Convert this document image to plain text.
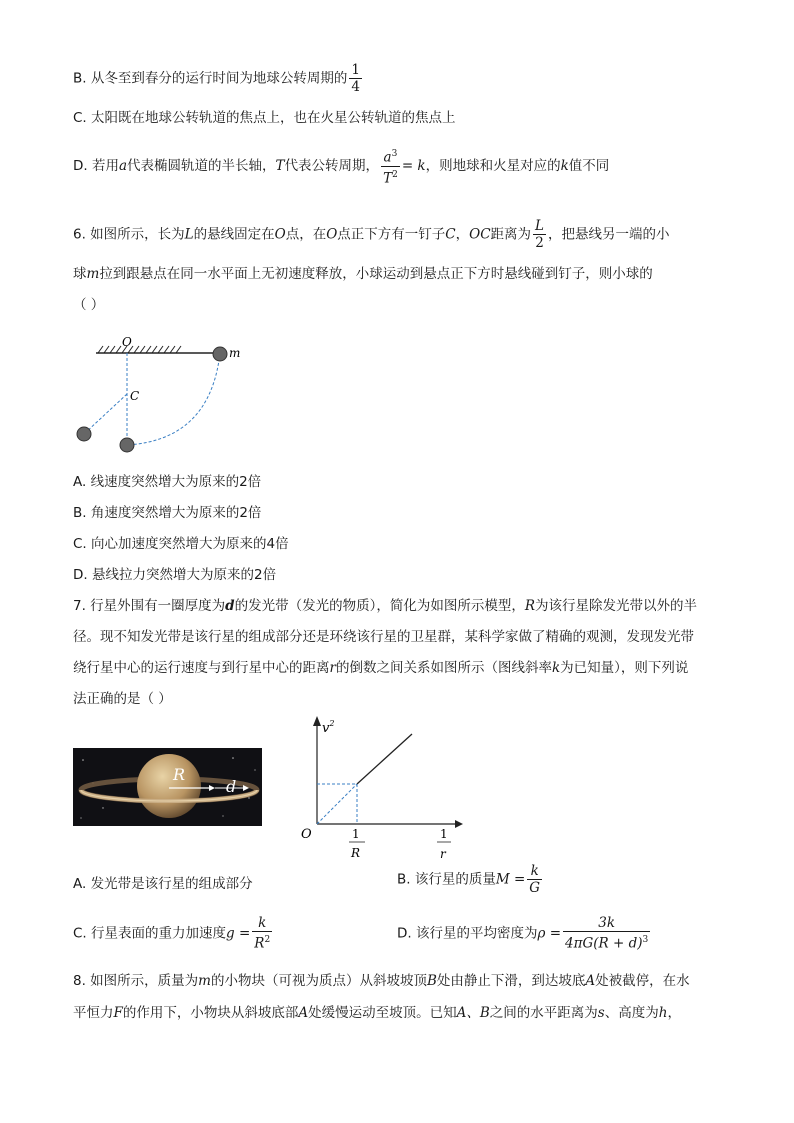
B. 从冬至到春分的运行时间为地球公转周期的 $\frac{1}{4}$
C. 太阳既在地球公转轨道的焦点上，也在火星公转轨道的焦点上
D. 若用a代表椭圆轨道的半长轴，T代表公转周期， $\frac{a^3}{T^2} = k$，则地球和火星对应的k值不同
6. 如图所示，长为L的悬线固定在O点，在O点正下方有一钉子C，OC距离为 $\frac{L}{2}$ ，把悬线另一端的小
球m拉到跟悬点在同一水平面上无初速度释放，小球运动到悬点正下方时悬线碰到钉子，则小球的
（ ）
O
C
m
A. 线速度突然增大为原来的2倍
B. 角速度突然增大为原来的2倍
C. 向心加速度突然增大为原来的4倍
D. 悬线拉力突然增大为原来的2倍
7. 行星外围有一圈厚度为d的发光带（发光的物质），简化为如图所示模型，R为该行星除发光带以外的半
径。现不知发光带是该行星的组成部分还是环绕该行星的卫星群，某科学家做了精确的观测，发现发光带
绕行星中心的运行速度与到行星中心的距离r的倒数之间关系如图所示（图线斜率k为已知量），则下列说
法正确的是（ ）
R
d
$v^2$
O	1
R
1
r
A. 发光带是该行星的组成部分	B. 该行星的质量$M = \frac{k}{G}$
C. 行星表面的重力加速度$g = \frac{k}{R^2}$	D. 该行星的平均密度为$\rho = \frac{3k}{4\pi G(R + d)^3}$
8. 如图所示，质量为m的小物块（可视为质点）从斜坡坡顶B处由静止下滑，到达坡底A处被截停，在水
平恒力F的作用下，小物块从斜坡底部A处缓慢运动至坡顶。已知A、B之间的水平距离为s、高度为h，
